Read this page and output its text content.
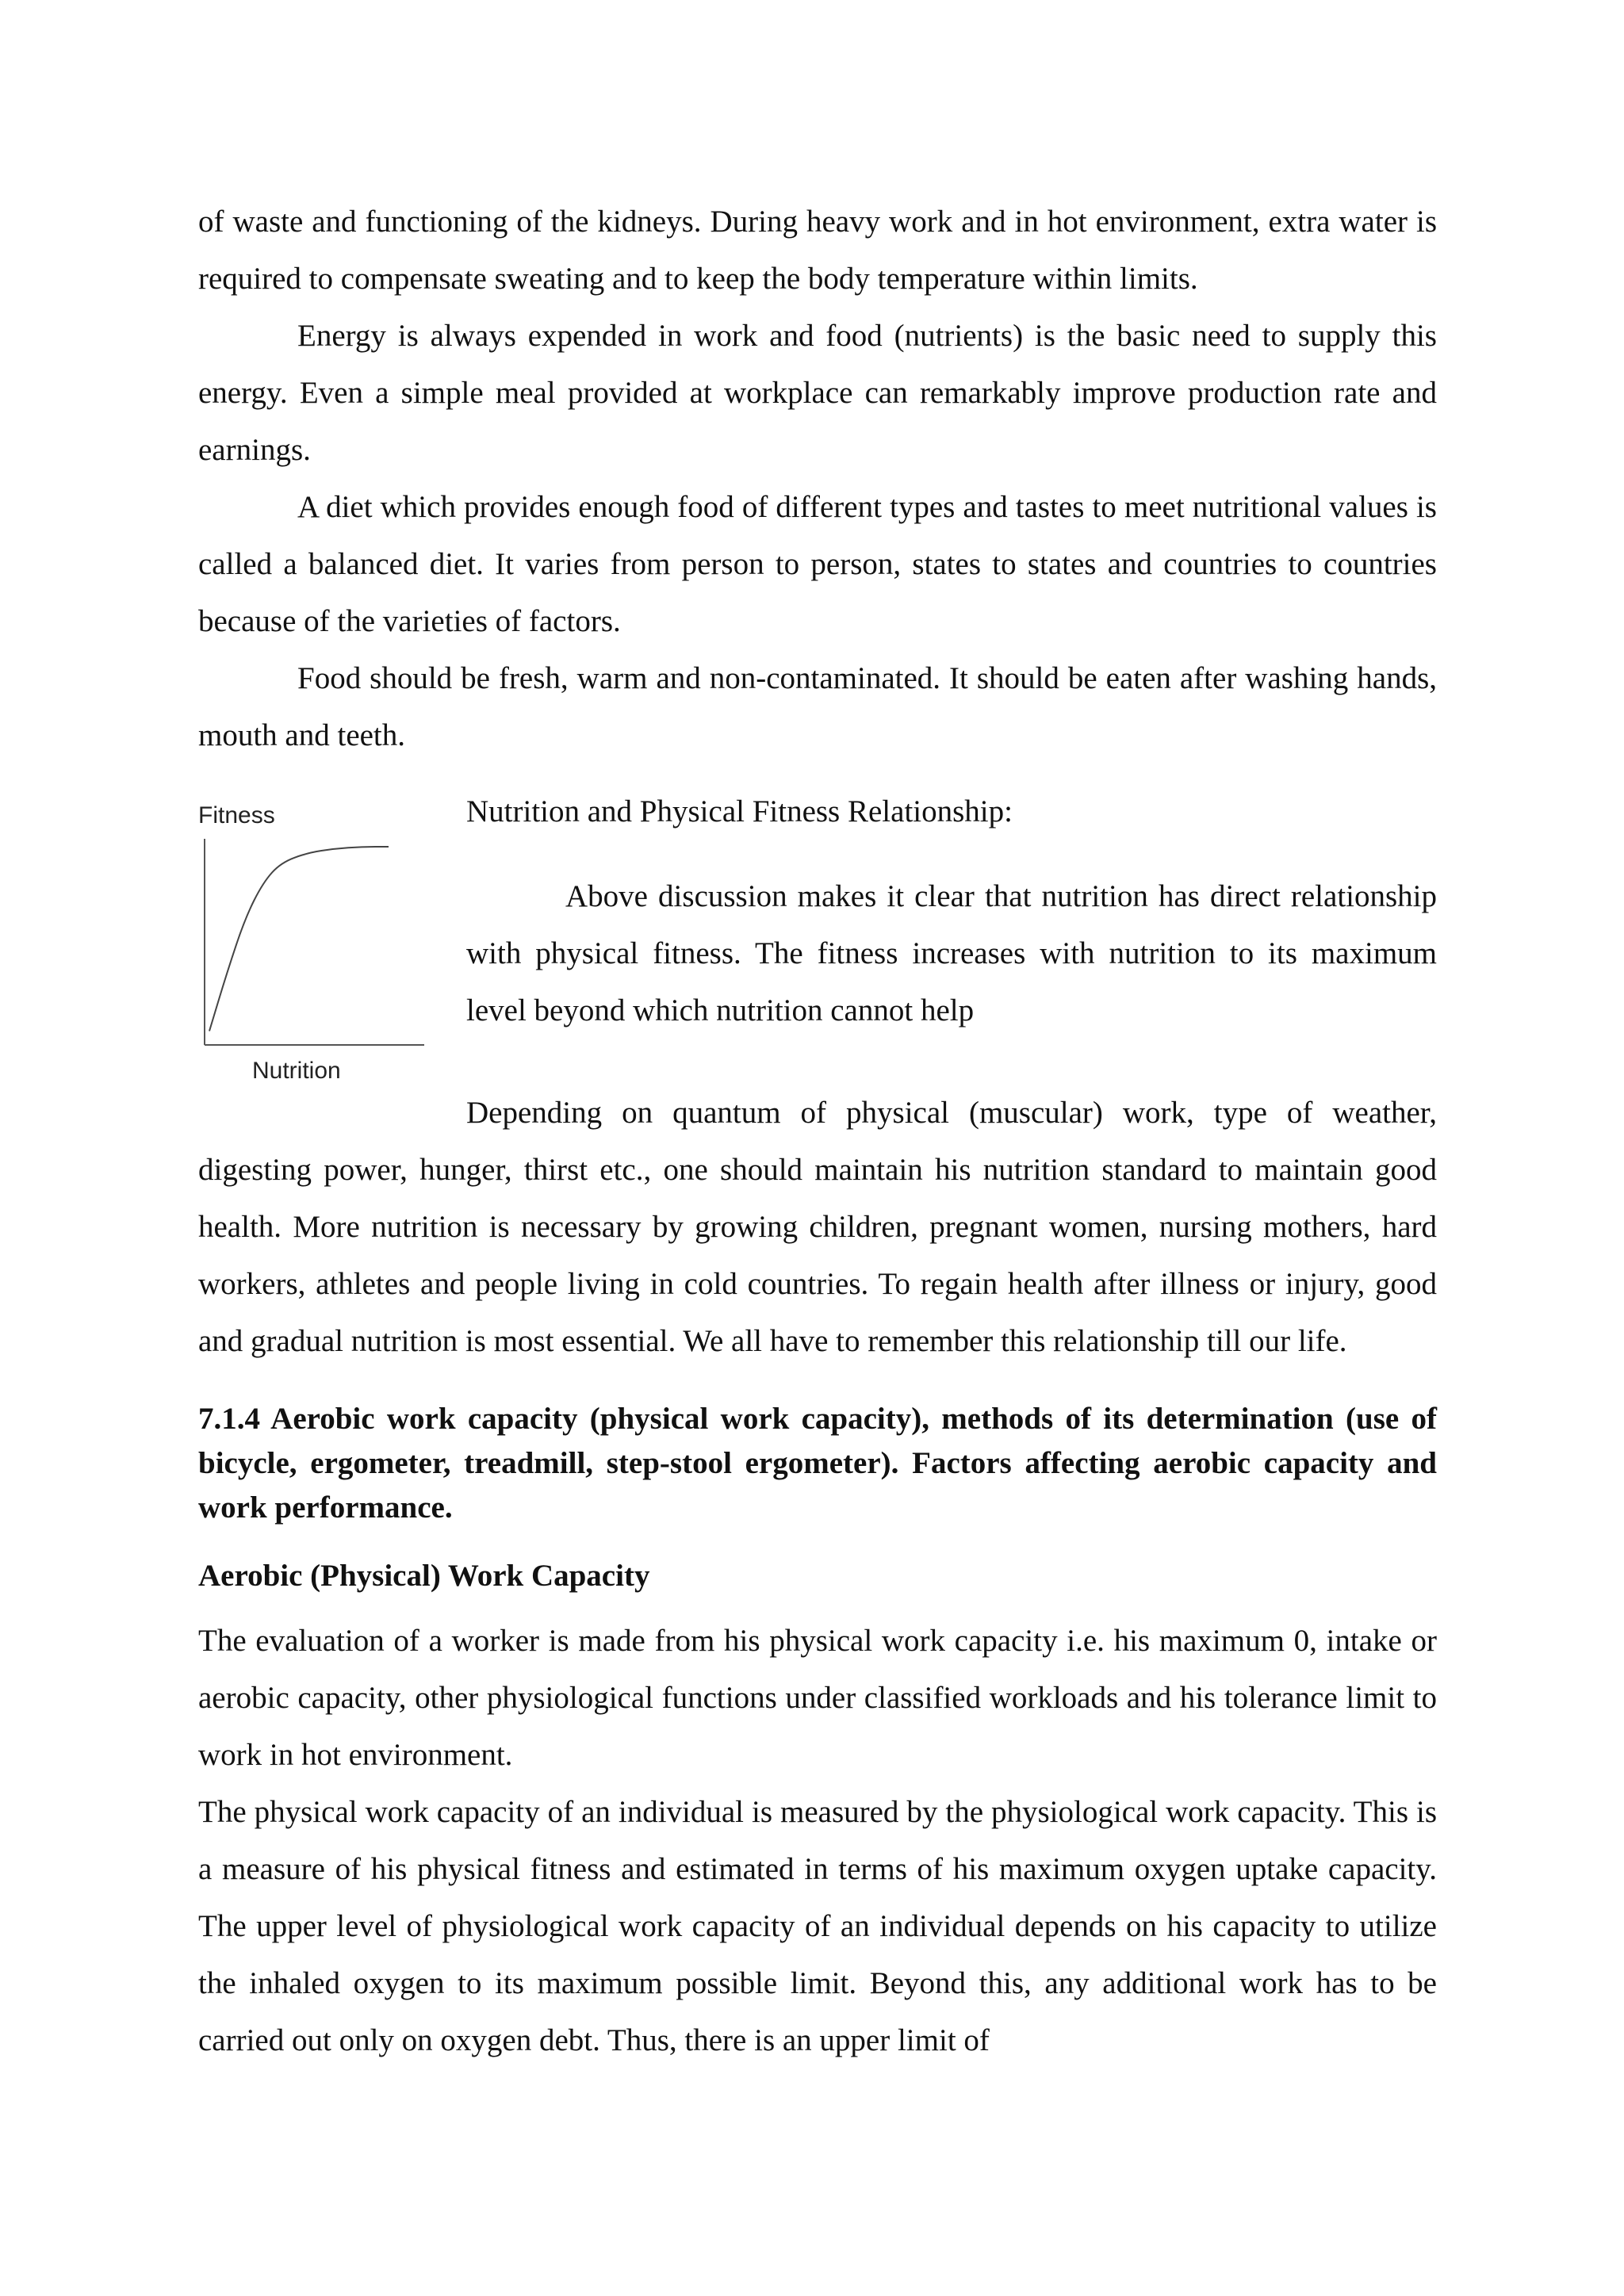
of waste and functioning of the kidneys. During heavy work and in hot environment, extra water is required to compensate sweating and to keep the body temperature within limits.

Energy is always expended in work and food (nutrients) is the basic need to supply this energy. Even a simple meal provided at workplace can remarkably improve production rate and earnings.

A diet which provides enough food of different types and tastes to meet nutritional values is called a balanced diet. It varies from person to person, states to states and countries to countries because of the varieties of factors.

Food should be fresh, warm and non-contaminated. It should be eaten after washing hands, mouth and teeth.

Fitness
Nutrition

Nutrition and Physical Fitness Relationship:

Above discussion makes it clear that nutrition has direct relationship with physical fitness. The fitness increases with nutrition to its maximum level beyond which nutrition cannot help

Depending on quantum of physical (muscular) work, type of weather, digesting power, hunger, thirst etc., one should maintain his nutrition standard to maintain good health. More nutrition is necessary by growing children, pregnant women, nursing mothers, hard workers, athletes and people living in cold countries. To regain health after illness or injury, good and gradual nutrition is most essential. We all have to remember this relationship till our life.

7.1.4 Aerobic work capacity (physical work capacity), methods of its determination (use of bicycle, ergometer, treadmill, step-stool ergometer). Factors affecting aerobic capacity and work performance.

Aerobic (Physical) Work Capacity

The evaluation of a worker is made from his physical work capacity i.e. his maximum 0, intake or aerobic capacity, other physiological functions under classified workloads and his tolerance limit to work in hot environment.

The physical work capacity of an individual is measured by the physiological work capacity. This is a measure of his physical fitness and estimated in terms of his maximum oxygen uptake capacity. The upper level of physiological work capacity of an individual depends on his capacity to utilize the inhaled oxygen to its maximum possible limit. Beyond this, any additional work has to be carried out only on oxygen debt. Thus, there is an upper limit of
